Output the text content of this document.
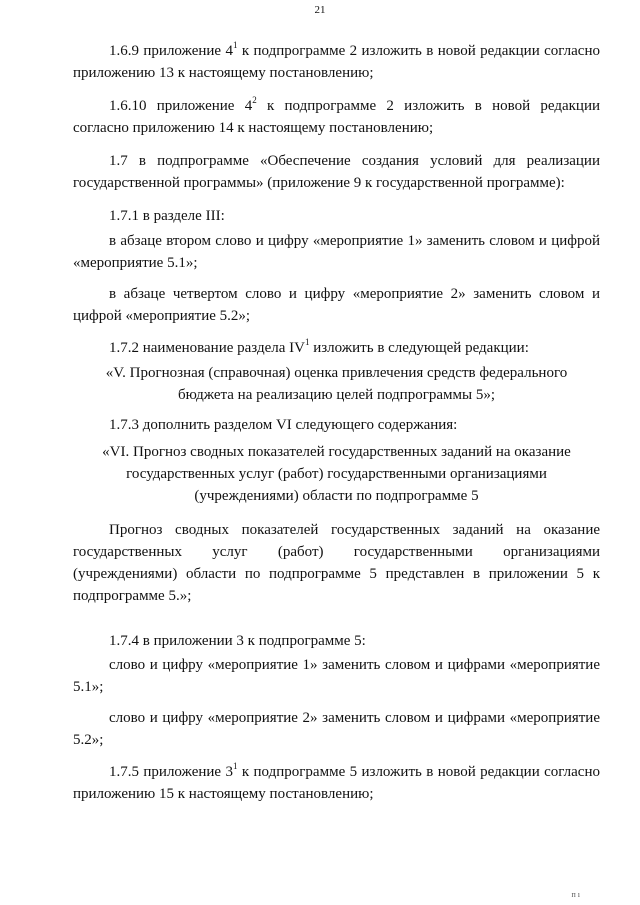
21

1.6.9 приложение $4^1$ к подпрограмме 2 изложить в новой редакции согласно приложению 13 к настоящему постановлению;

1.6.10 приложение $4^2$ к подпрограмме 2 изложить в новой редакции согласно приложению 14 к настоящему постановлению;

1.7 в подпрограмме «Обеспечение создания условий для реализации государственной программы» (приложение 9 к государственной программе):

1.7.1 в разделе III:

в абзаце втором слово и цифру «мероприятие 1» заменить словом и цифрой «мероприятие 5.1»;

в абзаце четвертом слово и цифру «мероприятие 2» заменить словом и цифрой «мероприятие 5.2»;

1.7.2 наименование раздела $IV^1$ изложить в следующей редакции:

«V. Прогнозная (справочная) оценка привлечения средств федерального
бюджета на реализацию целей подпрограммы 5»;

1.7.3 дополнить разделом VI следующего содержания:

«VI. Прогноз сводных показателей государственных заданий на оказание
государственных услуг (работ) государственными организациями
(учреждениями) области по подпрограмме 5

Прогноз сводных показателей государственных заданий на оказание государственных услуг (работ) государственными организациями (учреждениями) области по подпрограмме 5 представлен в приложении 5 к подпрограмме 5.»;

1.7.4 в приложении 3 к подпрограмме 5:

слово и цифру «мероприятие 1» заменить словом и цифрами «мероприятие 5.1»;

слово и цифру «мероприятие 2» заменить словом и цифрами «мероприятие 5.2»;

1.7.5 приложение $3^1$ к подпрограмме 5 изложить в новой редакции согласно приложению 15 к настоящему постановлению;

п ı
